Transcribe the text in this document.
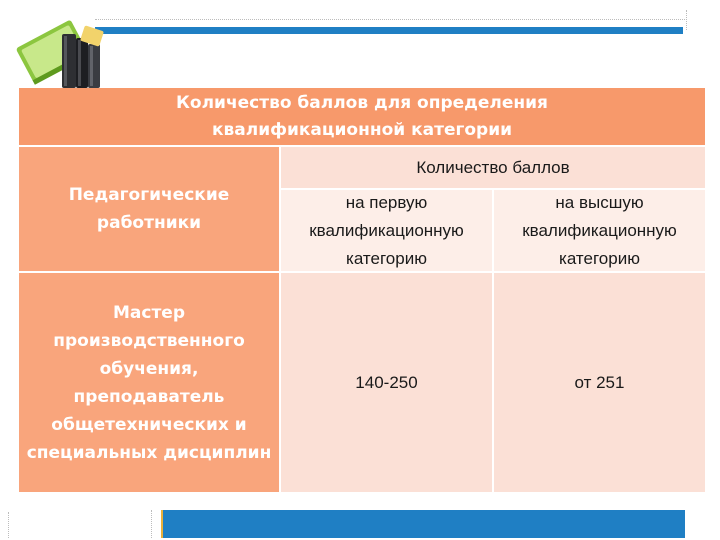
Количество баллов для определения квалификационной категории
Педагогические работники
Количество баллов
на первую квалификационную категорию
на высшую квалификационную категорию
Мастер производственного обучения, преподаватель общетехнических и специальных дисциплин
140-250	от 251
